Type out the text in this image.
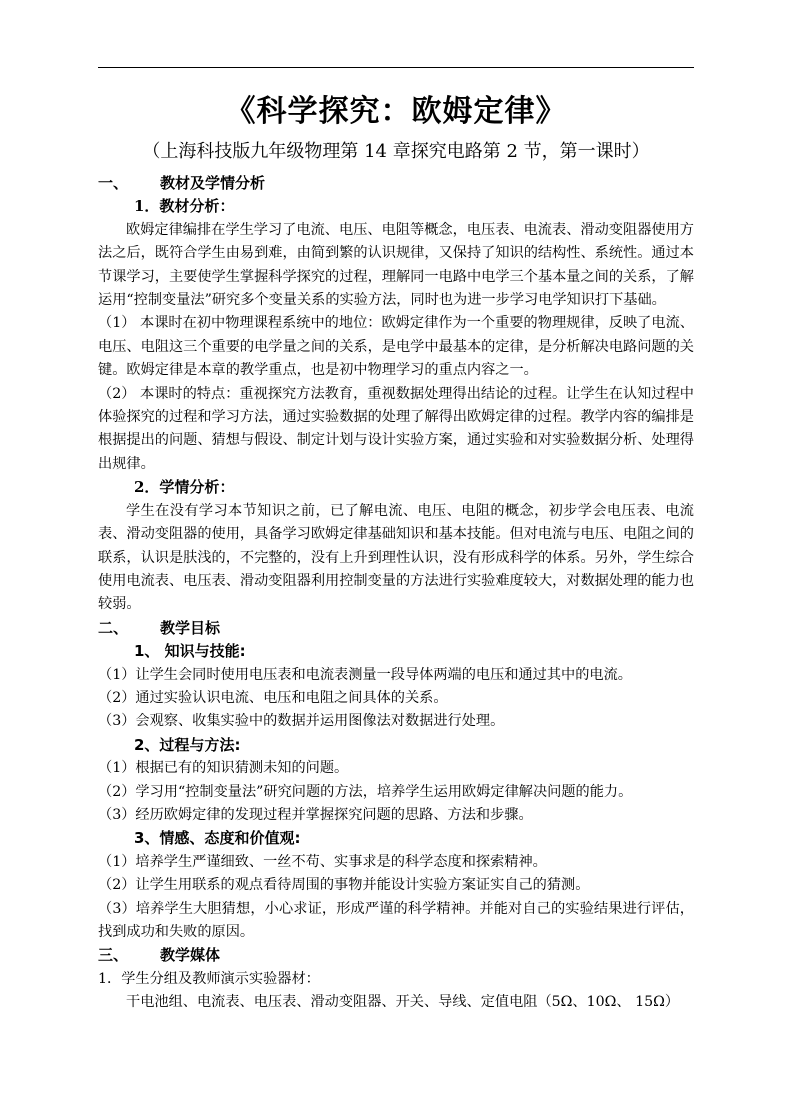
《科学探究：欧姆定律》
（上海科技版九年级物理第 14 章探究电路第 2 节，第一课时）
一、 教材及学情分析
1．教材分析：

欧姆定律编排在学生学习了电流、电压、电阻等概念，电压表、电流表、滑动变阻器使用方法之后，既符合学生由易到难，由简到繁的认识规律，又保持了知识的结构性、系统性。通过本节课学习，主要使学生掌握科学探究的过程，理解同一电路中电学三个基本量之间的关系，了解运用“控制变量法”研究多个变量关系的实验方法，同时也为进一步学习电学知识打下基础。

（1） 本课时在初中物理课程系统中的地位：欧姆定律作为一个重要的物理规律，反映了电流、电压、电阻这三个重要的电学量之间的关系，是电学中最基本的定律，是分析解决电路问题的关键。欧姆定律是本章的教学重点，也是初中物理学习的重点内容之一。

（2） 本课时的特点：重视探究方法教育，重视数据处理得出结论的过程。让学生在认知过程中体验探究的过程和学习方法，通过实验数据的处理了解得出欧姆定律的过程。教学内容的编排是根据提出的问题、猜想与假设、制定计划与设计实验方案，通过实验和对实验数据分析、处理得出规律。

2．学情分析：

学生在没有学习本节知识之前，已了解电流、电压、电阻的概念，初步学会电压表、电流表、滑动变阻器的使用，具备学习欧姆定律基础知识和基本技能。但对电流与电压、电阻之间的联系，认识是肤浅的，不完整的，没有上升到理性认识，没有形成科学的体系。另外，学生综合使用电流表、电压表、滑动变阻器利用控制变量的方法进行实验难度较大，对数据处理的能力也较弱。

二、 教学目标
1、 知识与技能:

（1）让学生会同时使用电压表和电流表测量一段导体两端的电压和通过其中的电流。

（2）通过实验认识电流、电压和电阻之间具体的关系。

（3）会观察、收集实验中的数据并运用图像法对数据进行处理。

2、过程与方法:

（1）根据已有的知识猜测未知的问题。

（2）学习用“控制变量法”研究问题的方法，培养学生运用欧姆定律解决问题的能力。

（3）经历欧姆定律的发现过程并掌握探究问题的思路、方法和步骤。

3、情感、态度和价值观:

（1）培养学生严谨细致、一丝不苟、实事求是的科学态度和探索精神。

（2）让学生用联系的观点看待周围的事物并能设计实验方案证实自己的猜测。

（3）培养学生大胆猜想，小心求证，形成严谨的科学精神。并能对自己的实验结果进行评估，找到成功和失败的原因。

三、 教学媒体

1．学生分组及教师演示实验器材：

干电池组、电流表、电压表、滑动变阻器、开关、导线、定值电阻（5Ω、10Ω、 15Ω）
